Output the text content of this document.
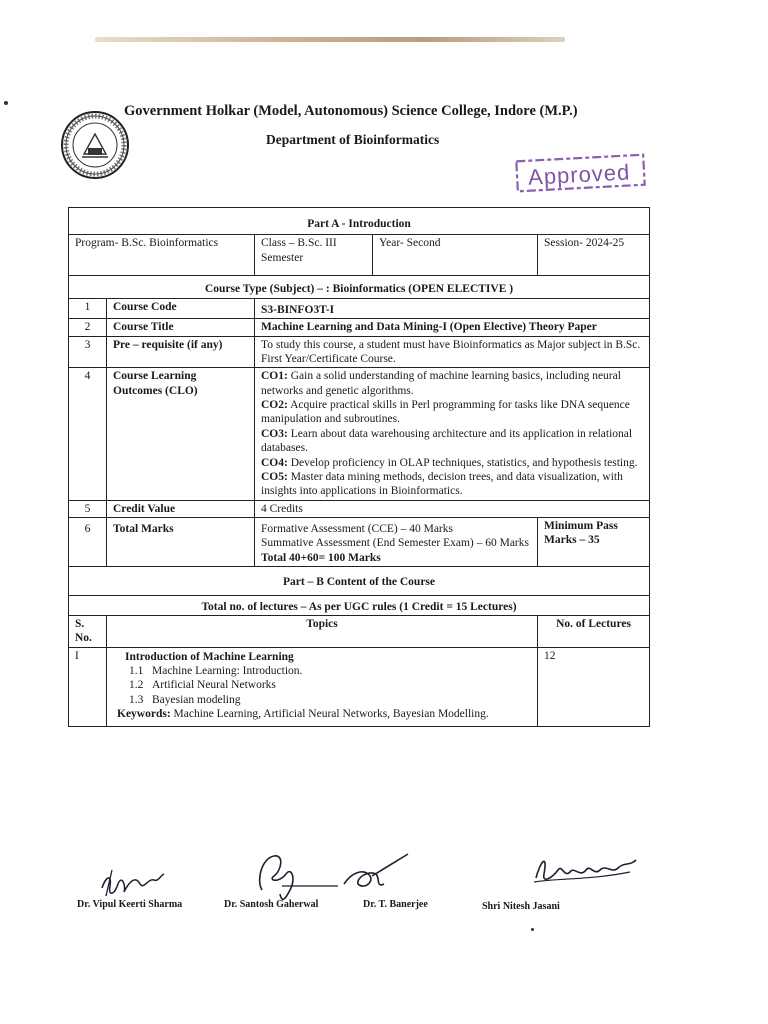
Government Holkar (Model, Autonomous) Science College, Indore (M.P.)
Department of Bioinformatics
Approved
Part A - Introduction				
Program- B.Sc. Bioinformatics		Class – B.Sc. III Semester	Year- Second	Session- 2024-25
Course Type (Subject) – : Bioinformatics (OPEN ELECTIVE )				
1	Course Code	S3-BINFO3T-I		
2	Course Title	Machine Learning and Data Mining-I (Open Elective) Theory Paper		
3	Pre – requisite (if any)	To study this course, a student must have Bioinformatics as Major subject in B.Sc. First Year/Certificate Course.		
4	Course Learning Outcomes (CLO)	CO1: Gain a solid understanding of machine learning basics, including neural networks and genetic algorithms.
CO2: Acquire practical skills in Perl programming for tasks like DNA sequence manipulation and subroutines.
CO3: Learn about data warehousing architecture and its application in relational databases.
CO4: Develop proficiency in OLAP techniques, statistics, and hypothesis testing.
CO5: Master data mining methods, decision trees, and data visualization, with insights into applications in Bioinformatics.		

5	Credit Value	4 Credits		
6	Total Marks	Formative Assessment (CCE) – 40 Marks
Summative Assessment (End Semester Exam) – 60 Marks
Total 40+60= 100 Marks		Minimum Pass Marks – 35
Part – B Content of the Course				
Total no. of lectures – As per UGC rules (1 Credit = 15 Lectures)				
S. No.	Topics			No. of Lectures
I	Introduction of Machine Learning
1.1 Machine Learning: Introduction.
1.2 Artificial Neural Networks
1.3 Bayesian modeling
Keywords: Machine Learning, Artificial Neural Networks, Bayesian Modelling.			12
Dr. Vipul Keerti Sharma	Dr. Santosh Gaherwal	Dr. T. Banerjee	Shri Nitesh Jasani
